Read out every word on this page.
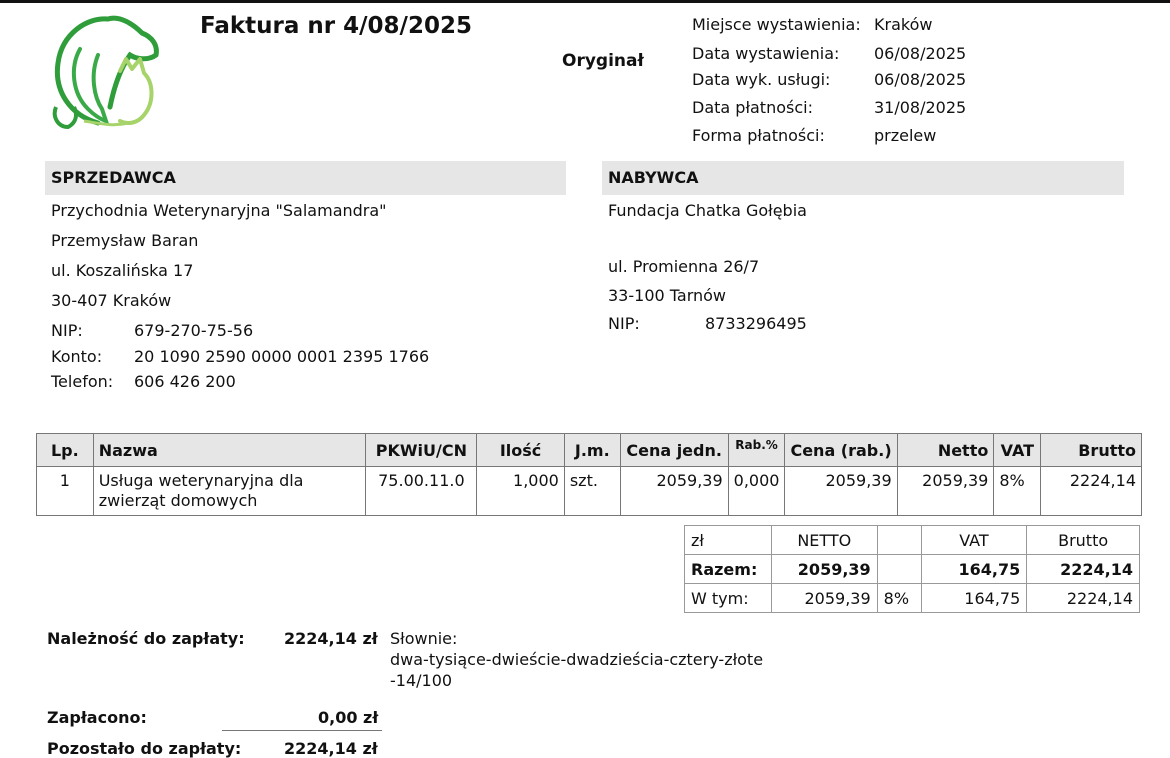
Faktura nr 4/08/2025
Oryginał
Miejsce wystawienia: Kraków
Data wystawienia: 06/08/2025
Data wyk. usługi:	06/08/2025
Data płatności:	31/08/2025
Forma płatności:	przelew
SPRZEDAWCA	NABYWCA
Przychodnia Weterynaryjna "Salamandra"
Przemysław Baran
ul. Koszalińska 17
30-407 Kraków
NIP:	679-270-75-56
Konto: 20 1090 2590 0000 0001 2395 1766
Telefon: 606 426 200
Fundacja Chatka Gołębia
ul. Promienna 26/7
33-100 Tarnów
NIP:	8733296495
Lp.	Nazwa	PKWiU/CN	Ilość	J.m.	Cena jedn.	Rab.%	Cena (rab.)	Netto	VAT	Brutto
1	Usługa weterynaryjna dla zwierząt domowych	75.00.11.0	1,000	szt.	2059,39	0,000	2059,39	2059,39	8%	2224,14
zł	NETTO		VAT	Brutto
Razem:	2059,39		164,75	2224,14
W tym:	2059,39	8%	164,75	2224,14
Należność do zapłaty: 2224,14 zł Słownie:
dwa-tysiące-dwieście-dwadzieścia-cztery-złote
-14/100
Zapłacono:	0,00 zł
Pozostało do zapłaty:	2224,14 zł
